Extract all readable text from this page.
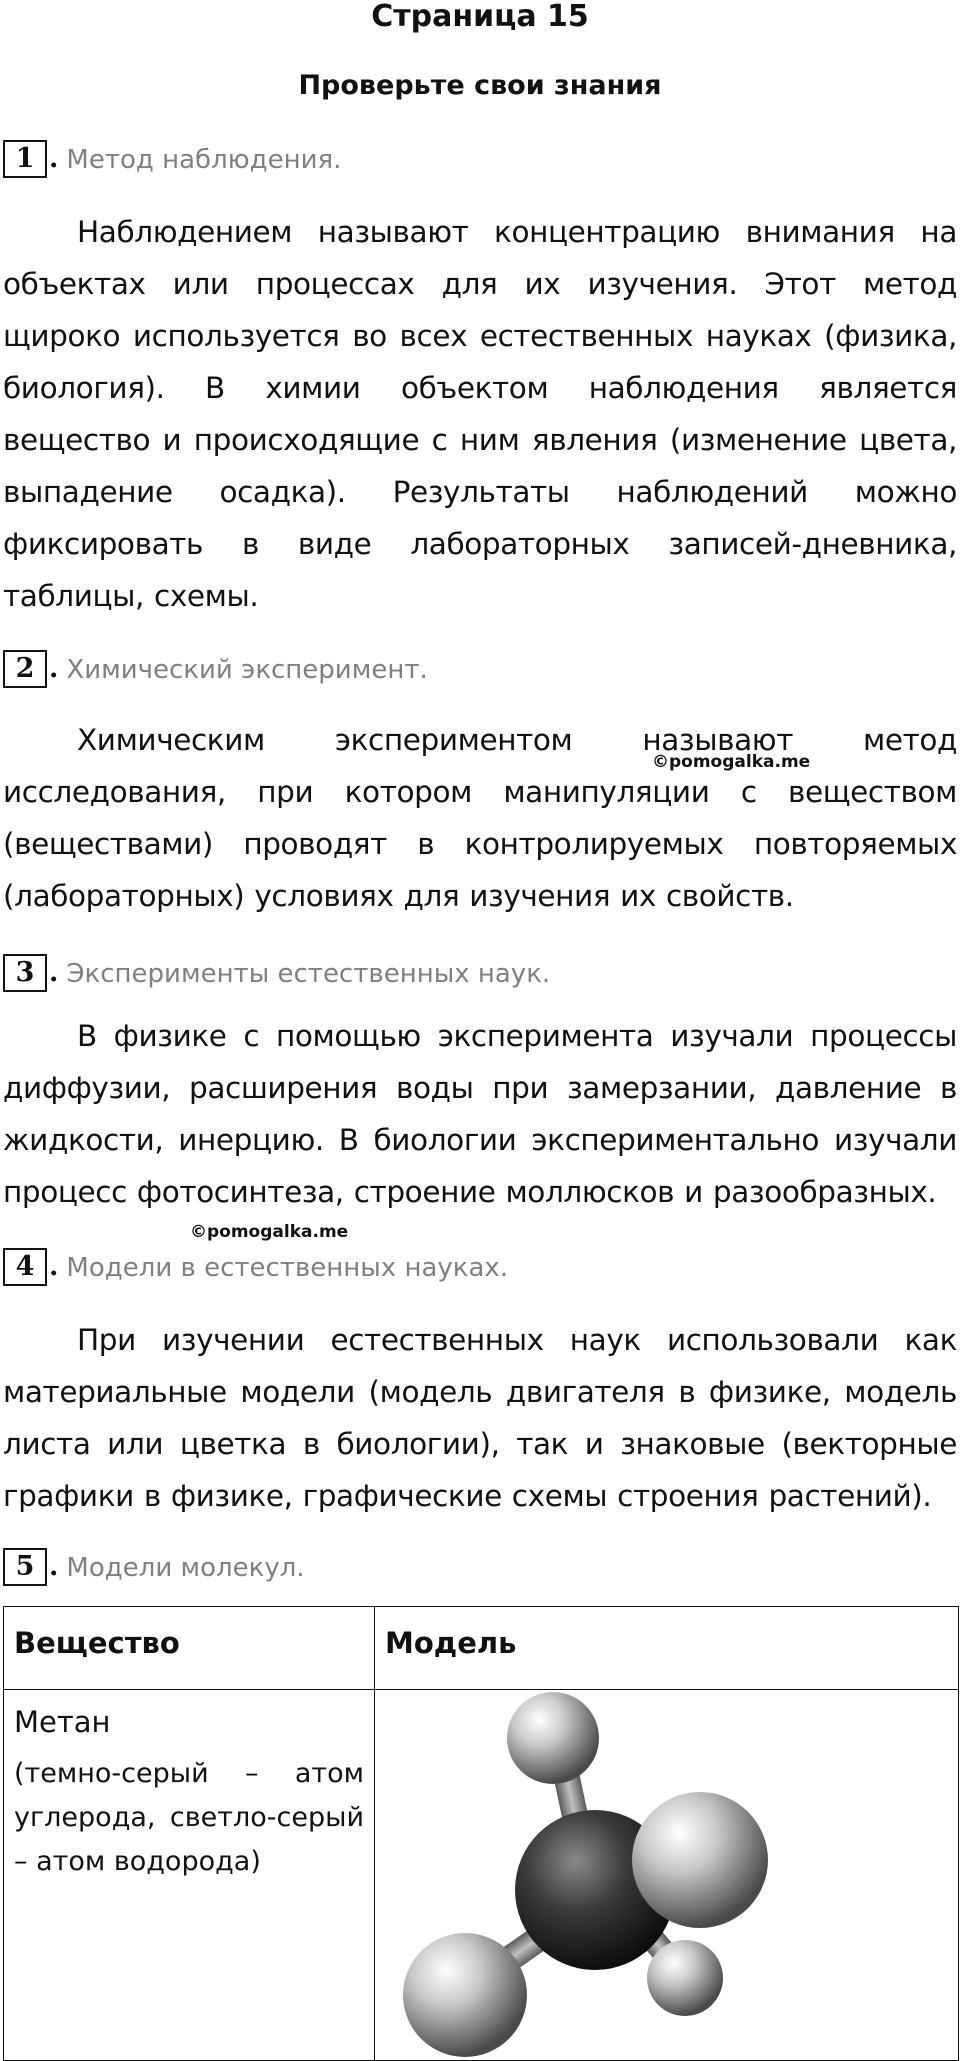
Страница 15
Проверьте свои знания
1 . Метод наблюдения.

Наблюдением называют концентрацию внимания на объектах или процессах для их изучения. Этот метод щироко используется во всех естественных науках (физика, биология). В химии объектом наблюдения является вещество и происходящие с ним явления (изменение цвета, выпадение осадка). Результаты наблюдений можно фиксировать в виде лабораторных записей-дневника, таблицы, схемы.

2 . Химический эксперимент.

Химическим экспериментом называют метод исследования, при котором манипуляции с веществом (веществами) проводят в контролируемых повторяемых (лабораторных) условиях для изучения их свойств.

©pomogalka.me
3 . Эксперименты естественных наук.

В физике с помощью эксперимента изучали процессы диффузии, расширения воды при замерзании, давление в жидкости, инерцию. В биологии экспериментально изучали процесс фотосинтеза, строение моллюсков и разообразных.

©pomogalka.me
4 . Модели в естественных науках.

При изучении естественных наук использовали как материальные модели (модель двигателя в физике, модель листа или цветка в биологии), так и знаковые (векторные графики в физике, графические схемы строения растений).

5 . Модели молекул.
Вещество	Модель

Метан
(темно-серый – атом углерода, светло-серый – атом водорода)
